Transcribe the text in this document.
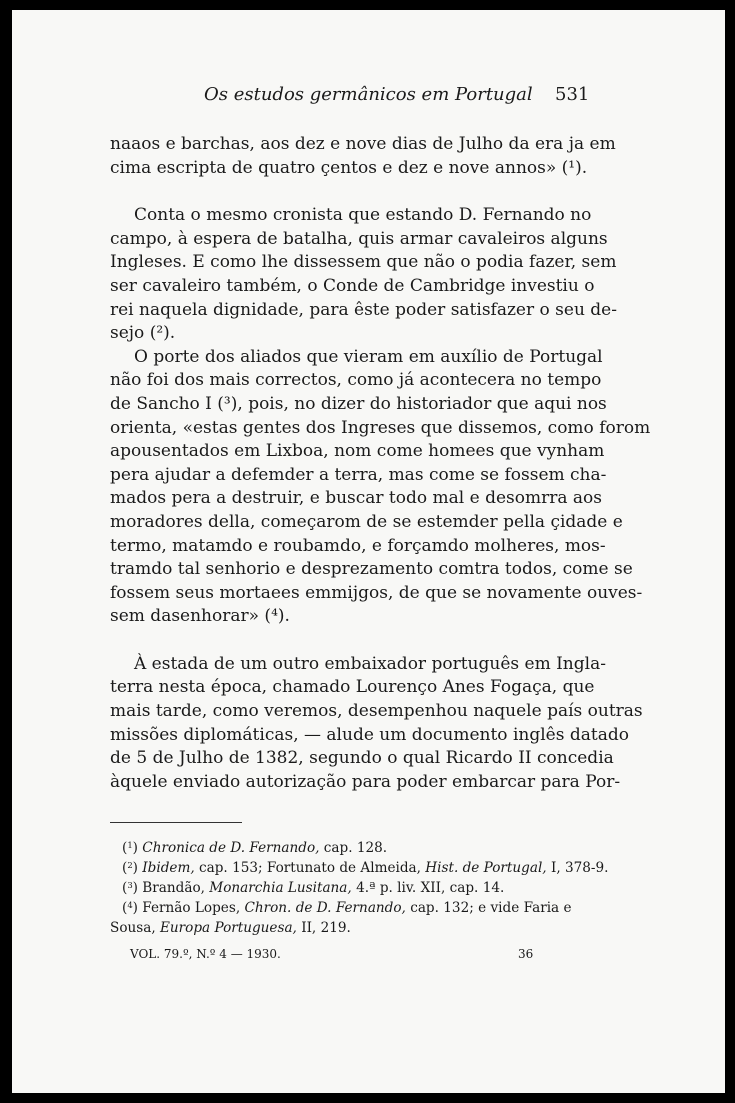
Os estudos germânicos em Portugal 531
naaos e barchas, aos dez e nove dias de Julho da era ja em
cima escripta de quatro çentos e dez e nove annos» (¹).
Conta o mesmo cronista que estando D. Fernando no
campo, à espera de batalha, quis armar cavaleiros alguns
Ingleses. E como lhe dissessem que não o podia fazer, sem
ser cavaleiro também, o Conde de Cambridge investiu o
rei naquela dignidade, para êste poder satisfazer o seu de-
sejo (²).
O porte dos aliados que vieram em auxílio de Portugal
não foi dos mais correctos, como já acontecera no tempo
de Sancho I (³), pois, no dizer do historiador que aqui nos
orienta, «estas gentes dos Ingreses que dissemos, como forom
apousentados em Lixboa, nom come homees que vynham
pera ajudar a defemder a terra, mas come se fossem cha-
mados pera a destruir, e buscar todo mal e desomrra aos
moradores della, começarom de se estemder pella çidade e
termo, matamdo e roubamdo, e forçamdo molheres, mos-
tramdo tal senhorio e desprezamento comtra todos, come se
fossem seus mortaees emmijgos, de que se novamente ouves-
sem dasenhorar» (⁴).
À estada de um outro embaixador português em Ingla-
terra nesta época, chamado Lourenço Anes Fogaça, que
mais tarde, como veremos, desempenhou naquele país outras
missões diplomáticas, — alude um documento inglês datado
de 5 de Julho de 1382, segundo o qual Ricardo II concedia
àquele enviado autorização para poder embarcar para Por-
($^1$) Chronica de D. Fernando, cap. 128.
($^2$) Ibidem, cap. 153; Fortunato de Almeida, Hist. de Portugal, I, 378-9.
($^3$) Brandão, Monarchia Lusitana, 4.ª p. liv. XII, cap. 14.
($^4$) Fernão Lopes, Chron. de D. Fernando, cap. 132; e vide Faria e
Sousa, Europa Portuguesa, II, 219.
VOL. 79.º, N.º 4 — 1930.	36
